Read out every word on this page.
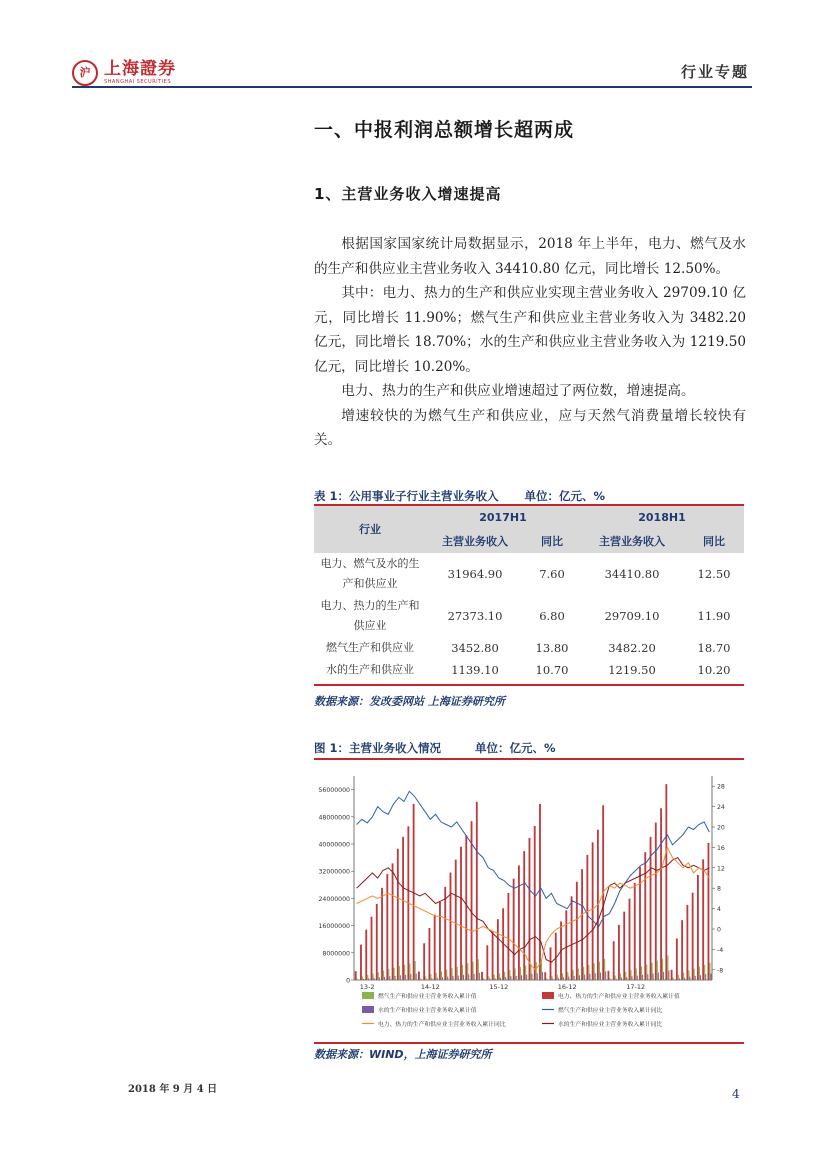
沪 上海證券
SHANGHAI SECURITIES
行业专题
一、中报利润总额增长超两成
1、主营业务收入增速提高

根据国家国家统计局数据显示，2018 年上半年，电力、燃气及水的生产和供应业主营业务收入 34410.80 亿元，同比增长 12.50%。

其中：电力、热力的生产和供应业实现主营业务收入 29709.10 亿元，同比增长 11.90%；燃气生产和供应业主营业务收入为 3482.20 亿元，同比增长 18.70%；水的生产和供应业主营业务收入为 1219.50 亿元，同比增长 10.20%。

电力、热力的生产和供应业增速超过了两位数，增速提高。

增速较快的为燃气生产和供应业，应与天然气消费量增长较快有关。

表 1：公用事业子行业主营业务收入 单位：亿元、%
行业	2017H1		2018H1	
	主营业务收入	同比	主营业务收入	同比
电力、燃气及水的生
产和供应业	31964.90	7.60	34410.80	12.50
电力、热力的生产和
供应业	27373.10	6.80	29709.10	11.90
燃气生产和供应业	3452.80	13.80	3482.20	18.70
水的生产和供应业	1139.10	10.70	1219.50	10.20
数据来源：发改委网站 上海证券研究所
图 1：主营业务收入情况	单位：亿元、%
0
8000000
16000000
24000000
32000000
40000000
48000000
56000000
-8
-4
0
4
8
12
16
20
24
28
13-2	14-12	15-12	16-12	17-12
燃气生产和供应业主营业务收入累计值	电力、热力的生产和供应业主营业务收入累计值
水的生产和供应业主营业务收入累计值	燃气生产和供应业主营业务收入累计同比
电力、热力的生产和供应业主营业务收入累计同比	水的生产和供应业主营业务收入累计同比
数据来源：WIND，上海证券研究所
2018 年 9 月 4 日	4
